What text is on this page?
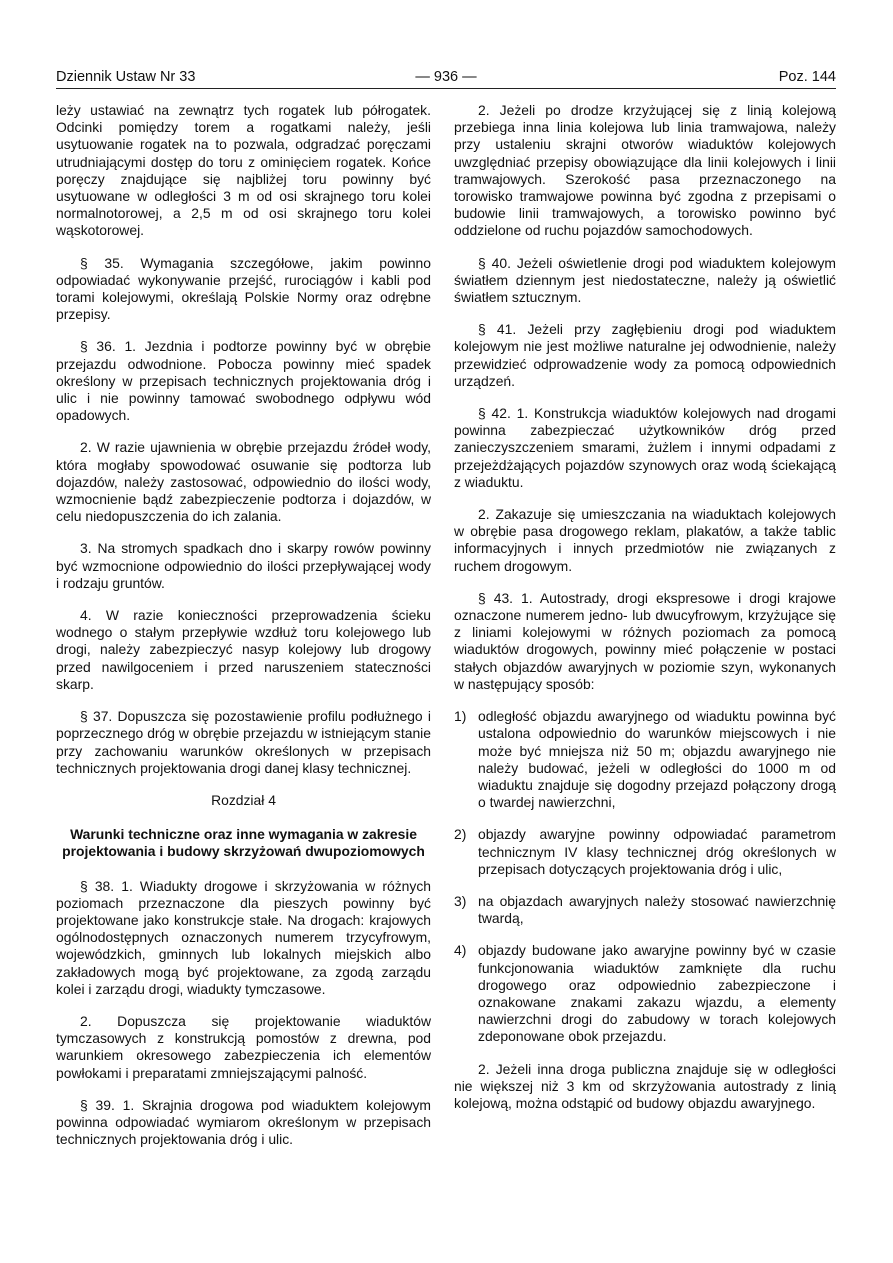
Dziennik Ustaw Nr 33	— 936 —	Poz. 144

leży ustawiać na zewnątrz tych rogatek lub półrogatek. Odcinki pomiędzy torem a rogatkami należy, jeśli usytuowanie rogatek na to pozwala, odgradzać poręczami utrudniającymi dostęp do toru z ominięciem rogatek. Końce poręczy znajdujące się najbliżej toru powinny być usytuowane w odległości 3 m od osi skrajnego toru kolei normalnotorowej, a 2,5 m od osi skrajnego toru kolei wąskotorowej.

§ 35. Wymagania szczegółowe, jakim powinno odpowiadać wykonywanie przejść, rurociągów i kabli pod torami kolejowymi, określają Polskie Normy oraz odrębne przepisy.

§ 36. 1. Jezdnia i podtorze powinny być w obrębie przejazdu odwodnione. Pobocza powinny mieć spadek określony w przepisach technicznych projektowania dróg i ulic i nie powinny tamować swobodnego odpływu wód opadowych.

2. W razie ujawnienia w obrębie przejazdu źródeł wody, która mogłaby spowodować osuwanie się podtorza lub dojazdów, należy zastosować, odpowiednio do ilości wody, wzmocnienie bądź zabezpieczenie podtorza i dojazdów, w celu niedopuszczenia do ich zalania.

3. Na stromych spadkach dno i skarpy rowów powinny być wzmocnione odpowiednio do ilości przepływającej wody i rodzaju gruntów.

4. W razie konieczności przeprowadzenia ścieku wodnego o stałym przepływie wzdłuż toru kolejowego lub drogi, należy zabezpieczyć nasyp kolejowy lub drogowy przed nawilgoceniem i przed naruszeniem stateczności skarp.

§ 37. Dopuszcza się pozostawienie profilu podłużnego i poprzecznego dróg w obrębie przejazdu w istniejącym stanie przy zachowaniu warunków określonych w przepisach technicznych projektowania drogi danej klasy technicznej.

Rozdział 4
Warunki techniczne oraz inne wymagania w zakresie projektowania i budowy skrzyżowań dwupoziomowych

§ 38. 1. Wiadukty drogowe i skrzyżowania w różnych poziomach przeznaczone dla pieszych powinny być projektowane jako konstrukcje stałe. Na drogach: krajowych ogólnodostępnych oznaczonych numerem trzycyfrowym, wojewódzkich, gminnych lub lokalnych miejskich albo zakładowych mogą być projektowane, za zgodą zarządu kolei i zarządu drogi, wiadukty tymczasowe.

2. Dopuszcza się projektowanie wiaduktów tymczasowych z konstrukcją pomostów z drewna, pod warunkiem okresowego zabezpieczenia ich elementów powłokami i preparatami zmniejszającymi palność.

§ 39. 1. Skrajnia drogowa pod wiaduktem kolejowym powinna odpowiadać wymiarom określonym w przepisach technicznych projektowania dróg i ulic.

2. Jeżeli po drodze krzyżującej się z linią kolejową przebiega inna linia kolejowa lub linia tramwajowa, należy przy ustaleniu skrajni otworów wiaduktów kolejowych uwzględniać przepisy obowiązujące dla linii kolejowych i linii tramwajowych. Szerokość pasa przeznaczonego na torowisko tramwajowe powinna być zgodna z przepisami o budowie linii tramwajowych, a torowisko powinno być oddzielone od ruchu pojazdów samochodowych.

§ 40. Jeżeli oświetlenie drogi pod wiaduktem kolejowym światłem dziennym jest niedostateczne, należy ją oświetlić światłem sztucznym.

§ 41. Jeżeli przy zagłębieniu drogi pod wiaduktem kolejowym nie jest możliwe naturalne jej odwodnienie, należy przewidzieć odprowadzenie wody za pomocą odpowiednich urządzeń.

§ 42. 1. Konstrukcja wiaduktów kolejowych nad drogami powinna zabezpieczać użytkowników dróg przed zanieczyszczeniem smarami, żużlem i innymi odpadami z przejeżdżających pojazdów szynowych oraz wodą ściekającą z wiaduktu.

2. Zakazuje się umieszczania na wiaduktach kolejowych w obrębie pasa drogowego reklam, plakatów, a także tablic informacyjnych i innych przedmiotów nie związanych z ruchem drogowym.

§ 43. 1. Autostrady, drogi ekspresowe i drogi krajowe oznaczone numerem jedno- lub dwucyfrowym, krzyżujące się z liniami kolejowymi w różnych poziomach za pomocą wiaduktów drogowych, powinny mieć połączenie w postaci stałych objazdów awaryjnych w poziomie szyn, wykonanych w następujący sposób:

1) odległość objazdu awaryjnego od wiaduktu powinna być ustalona odpowiednio do warunków miejscowych i nie może być mniejsza niż 50 m; objazdu awaryjnego nie należy budować, jeżeli w odległości do 1000 m od wiaduktu znajduje się dogodny przejazd połączony drogą o twardej nawierzchni,
2) objazdy awaryjne powinny odpowiadać parametrom technicznym IV klasy technicznej dróg określonych w przepisach dotyczących projektowania dróg i ulic,
3) na objazdach awaryjnych należy stosować nawierzchnię twardą,
4) objazdy budowane jako awaryjne powinny być w czasie funkcjonowania wiaduktów zamknięte dla ruchu drogowego oraz odpowiednio zabezpieczone i oznakowane znakami zakazu wjazdu, a elementy nawierzchni drogi do zabudowy w torach kolejowych zdeponowane obok przejazdu.

2. Jeżeli inna droga publiczna znajduje się w odległości nie większej niż 3 km od skrzyżowania autostrady z linią kolejową, można odstąpić od budowy objazdu awaryjnego.
